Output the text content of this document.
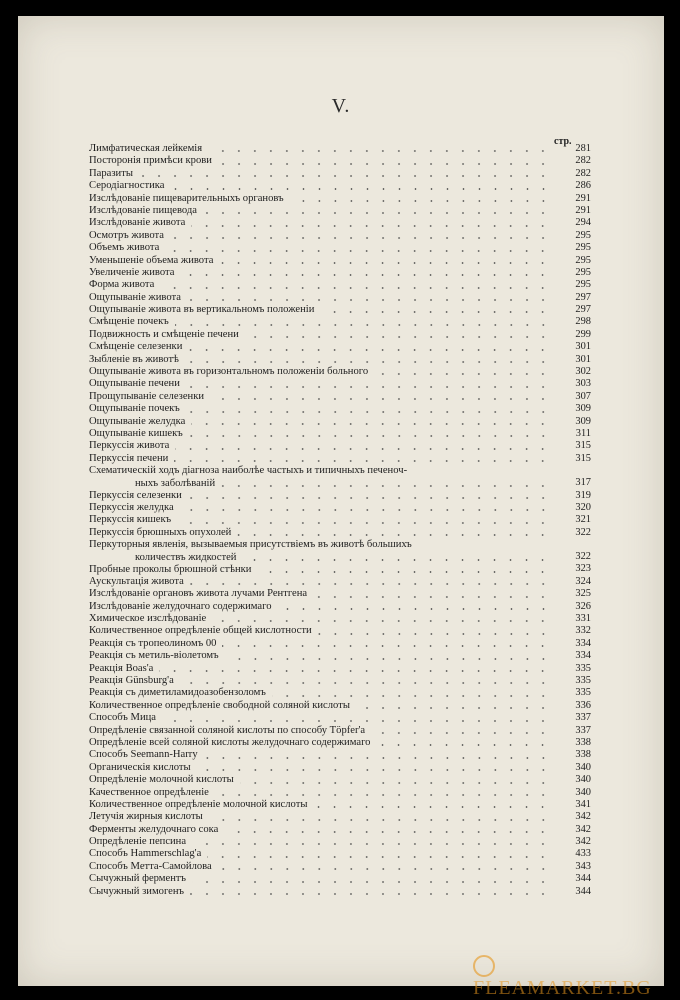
V.
стр.
Лимфатическая лейкемія	281
Посторонія примѣси крови	282
Паразиты	282
Серодіагностика	286
Изслѣдованіе пищеварительныхъ органовъ	291
Изслѣдованіе пищевода	291
Изслѣдованіе живота	294
Осмотръ живота	295
Объемъ живота	295
Уменьшеніе объема живота	295
Увеличеніе живота	295
Форма живота	295
Ощупываніе живота	297
Ощупываніе живота въ вертикальномъ положеніи	297
Смѣщеніе почекъ	298
Подвижность и смѣщеніе печени	299
Смѣщеніе селезенки	301
Зыбленіе въ животѣ	301
Ощупываніе живота въ горизонтальномъ положеніи больного	302
Ощупываніе печени	303
Прощупываніе селезенки	307
Ощупываніе почекъ	309
Ощупываніе желудка	309
Ощупываніе кишекъ	311
Перкуссія живота	315
Перкуссія печени	315
Схематическій ходъ діагноза наиболѣе частыхъ и типичныхъ печеноч-
ныхъ заболѣваній	317
Перкуссія селезенки	319
Перкуссія желудка	320
Перкуссія кишекъ	321
Перкуссія брюшныхъ опухолей	322
Перкуторныя явленія, вызываемыя присутствіемъ въ животѣ большихъ
количествъ жидкостей	322
Пробные проколы брюшной стѣнки	323
Аускультація живота	324
Изслѣдованіе органовъ живота лучами Рентгена	325
Изслѣдованіе желудочнаго содержимаго	326
Химическое изслѣдованіе	331
Количественное опредѣленіе общей кислотности	332
Реакція съ тропеолиномъ 00	334
Реакція съ метиль-віолетомъ	334
Реакція Boas'a	335
Реакція Günsburg'a	335
Реакція съ диметиламидоазобензоломъ	335
Количественное опредѣленіе свободной соляной кислоты	336
Способъ Мица	337
Опредѣленіе связанной соляной кислоты по способу Töpfer'a	337
Опредѣленіе всей соляной кислоты желудочнаго содержимаго	338
Способъ Seemann-Harry	338
Органическія кислоты	340
Опредѣленіе молочной кислоты	340
Качественное опредѣленіе	340
Количественное опредѣленіе молочной кислоты	341
Летучія жирныя кислоты	342
Ферменты желудочнаго сока	342
Опредѣленіе пепсина	342
Способъ Hammerschlag'a	433
Способъ Метта-Самойлова	343
Сычужный ферментъ	344
Сычужный зимогенъ	344
FLEAMARKET.BG
